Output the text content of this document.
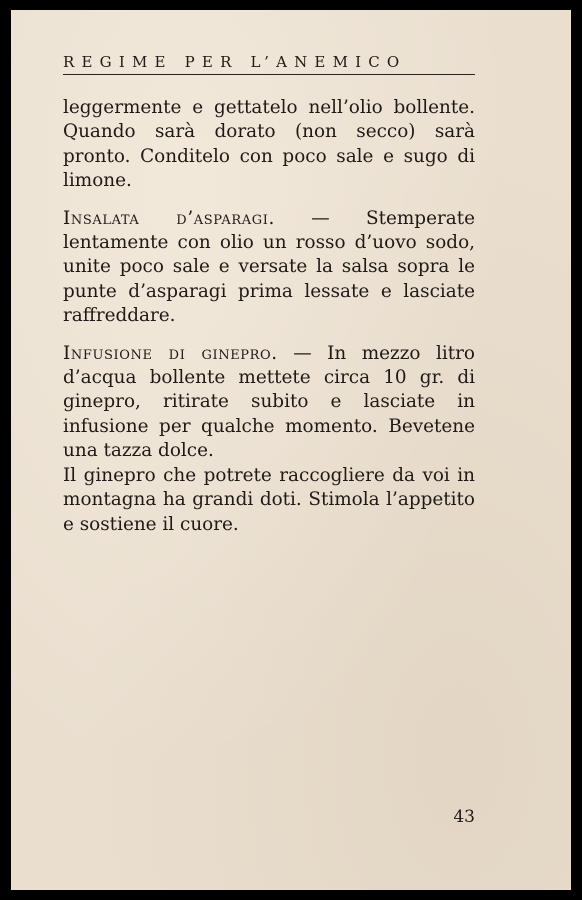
REGIME PER L’ANEMICO

leggermente e gettatelo nell’olio bollente. Quando sarà dorato (non secco) sarà pronto. Conditelo con poco sale e sugo di limone.

Insalata d’asparagi. — Stemperate lentamente con olio un rosso d’uovo sodo, unite poco sale e versate la salsa sopra le punte d’asparagi prima lessate e lasciate raffreddare.

Infusione di ginepro. — In mezzo litro d’acqua bollente mettete circa 10 gr. di ginepro, ritirate subito e lasciate in infusione per qualche momento. Bevetene una tazza dolce.

Il ginepro che potrete raccogliere da voi in montagna ha grandi doti. Stimola l’appetito e sostiene il cuore.

43
